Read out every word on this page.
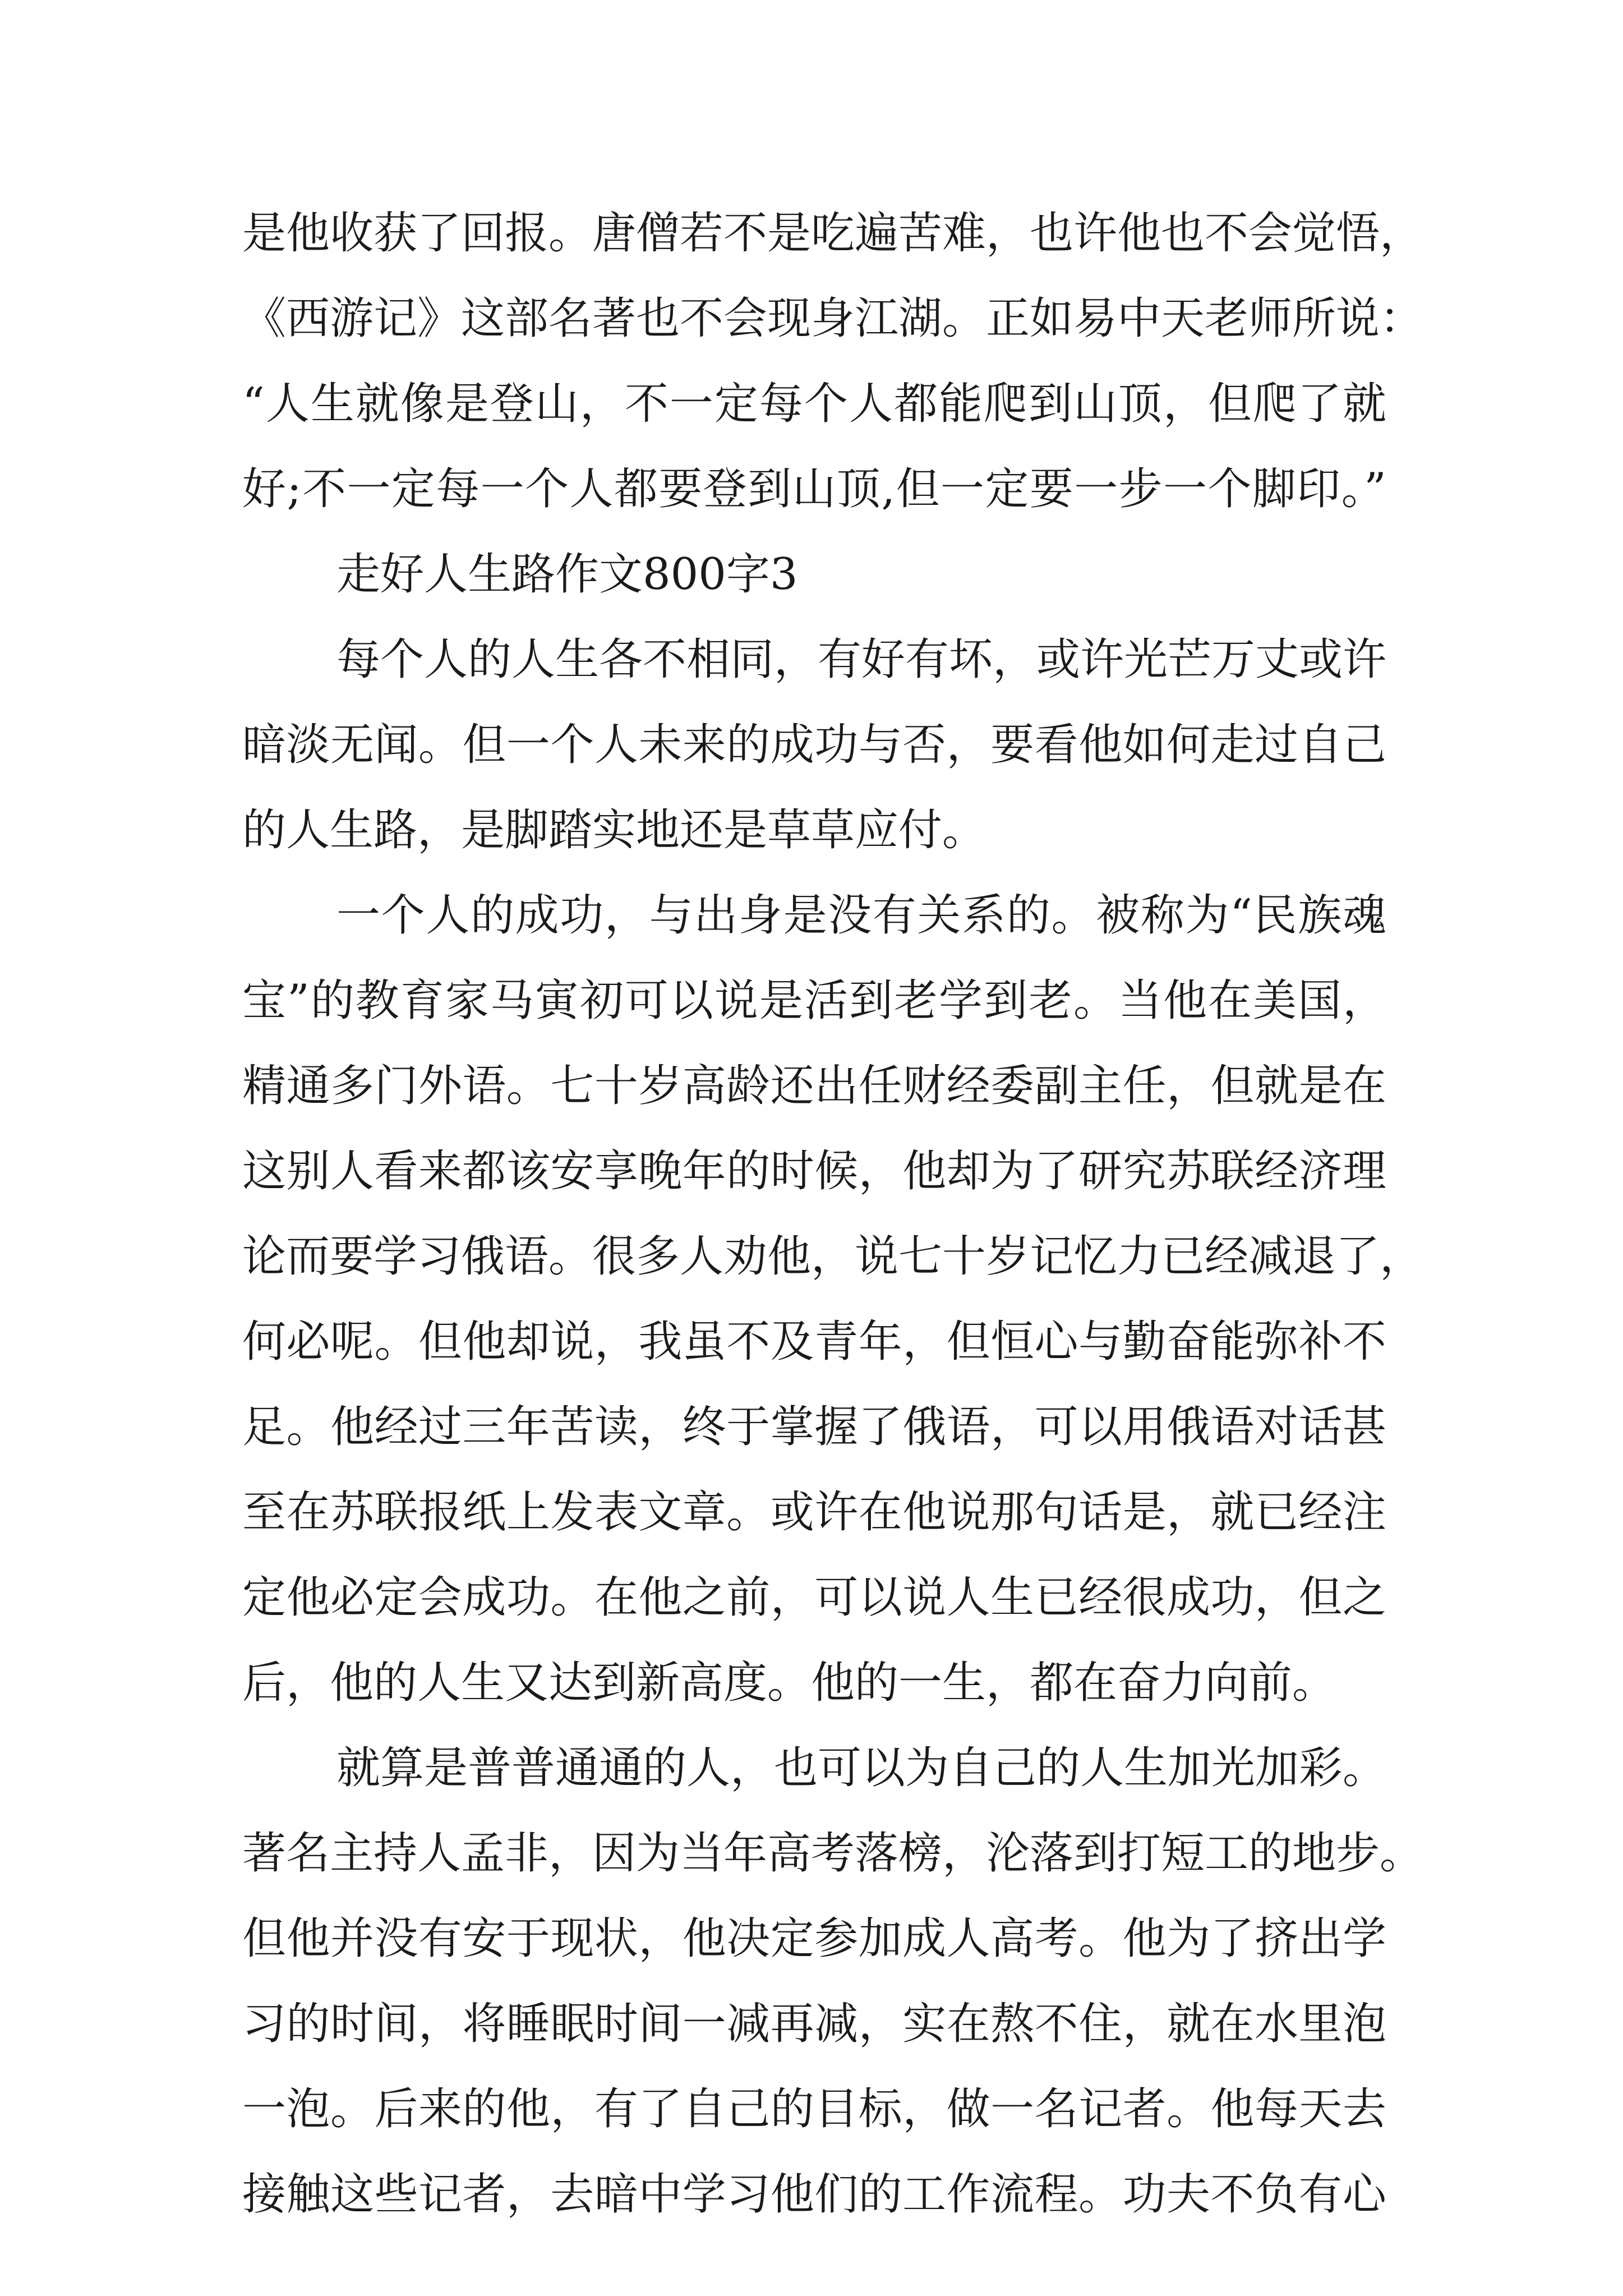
是他收获了回报。唐僧若不是吃遍苦难，也许他也不会觉悟，
《西游记》这部名著也不会现身江湖。正如易中天老师所说：
“人生就像是登山，不一定每个人都能爬到山顶，但爬了就
好;不一定每一个人都要登到山顶,但一定要一步一个脚印。”
走好人生路作文800字3
每个人的人生各不相同，有好有坏，或许光芒万丈或许
暗淡无闻。但一个人未来的成功与否，要看他如何走过自己
的人生路，是脚踏实地还是草草应付。
一个人的成功，与出身是没有关系的。被称为“民族魂
宝”的教育家马寅初可以说是活到老学到老。当他在美国，
精通多门外语。七十岁高龄还出任财经委副主任，但就是在
这别人看来都该安享晚年的时候，他却为了研究苏联经济理
论而要学习俄语。很多人劝他，说七十岁记忆力已经减退了，
何必呢。但他却说，我虽不及青年，但恒心与勤奋能弥补不
足。他经过三年苦读，终于掌握了俄语，可以用俄语对话甚
至在苏联报纸上发表文章。或许在他说那句话是，就已经注
定他必定会成功。在他之前，可以说人生已经很成功，但之
后，他的人生又达到新高度。他的一生，都在奋力向前。
就算是普普通通的人，也可以为自己的人生加光加彩。
著名主持人孟非，因为当年高考落榜，沦落到打短工的地步。
但他并没有安于现状，他决定参加成人高考。他为了挤出学
习的时间，将睡眠时间一减再减，实在熬不住，就在水里泡
一泡。后来的他，有了自己的目标，做一名记者。他每天去
接触这些记者，去暗中学习他们的工作流程。功夫不负有心
